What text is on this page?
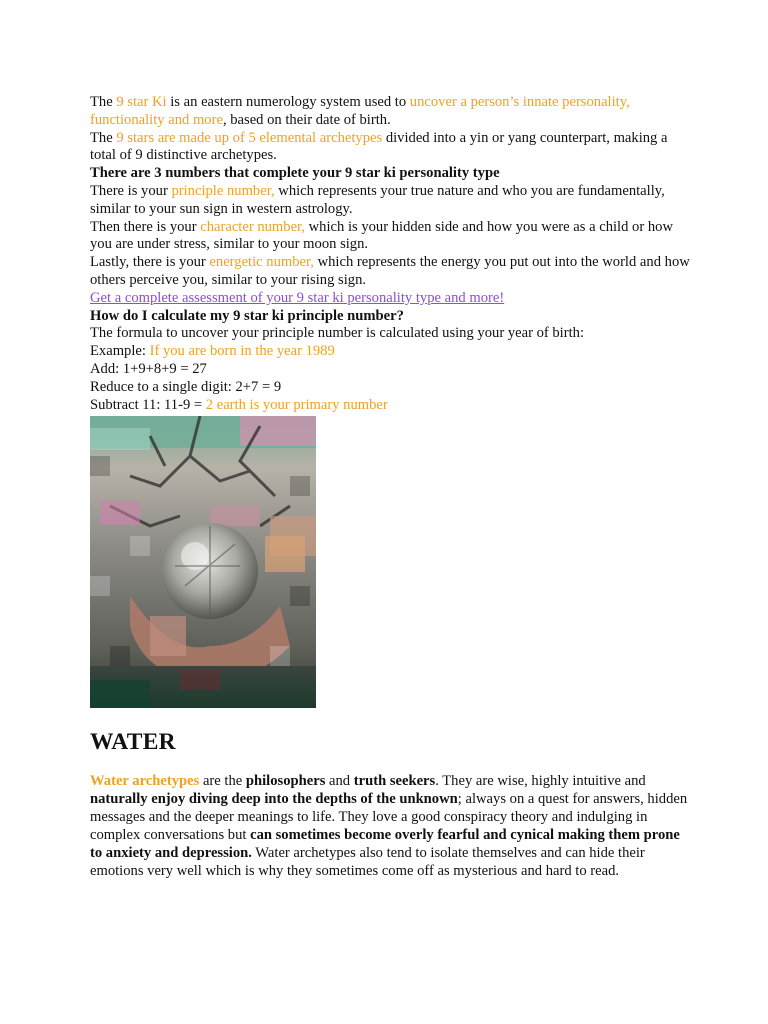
The 9 star Ki is an eastern numerology system used to uncover a person’s innate personality, functionality and more, based on their date of birth.

The 9 stars are made up of 5 elemental archetypes divided into a yin or yang counterpart, making a total of 9 distinctive archetypes.

There are 3 numbers that complete your 9 star ki personality type

There is your principle number, which represents your true nature and who you are fundamentally, similar to your sun sign in western astrology.

Then there is your character number, which is your hidden side and how you were as a child or how you are under stress, similar to your moon sign.

Lastly, there is your energetic number, which represents the energy you put out into the world and how others perceive you, similar to your rising sign.

Get a complete assessment of your 9 star ki personality type and more!

How do I calculate my 9 star ki principle number?

The formula to uncover your principle number is calculated using your year of birth:

Example: If you are born in the year 1989

Add: 1+9+8+9 = 27

Reduce to a single digit: 2+7 = 9

Subtract 11: 11-9 = 2 earth is your primary number

WATER

Water archetypes are the philosophers and truth seekers. They are wise, highly intuitive and naturally enjoy diving deep into the depths of the unknown; always on a quest for answers, hidden messages and the deeper meanings to life. They love a good conspiracy theory and indulging in complex conversations but can sometimes become overly fearful and cynical making them prone to anxiety and depression. Water archetypes also tend to isolate themselves and can hide their emotions very well which is why they sometimes come off as mysterious and hard to read.
